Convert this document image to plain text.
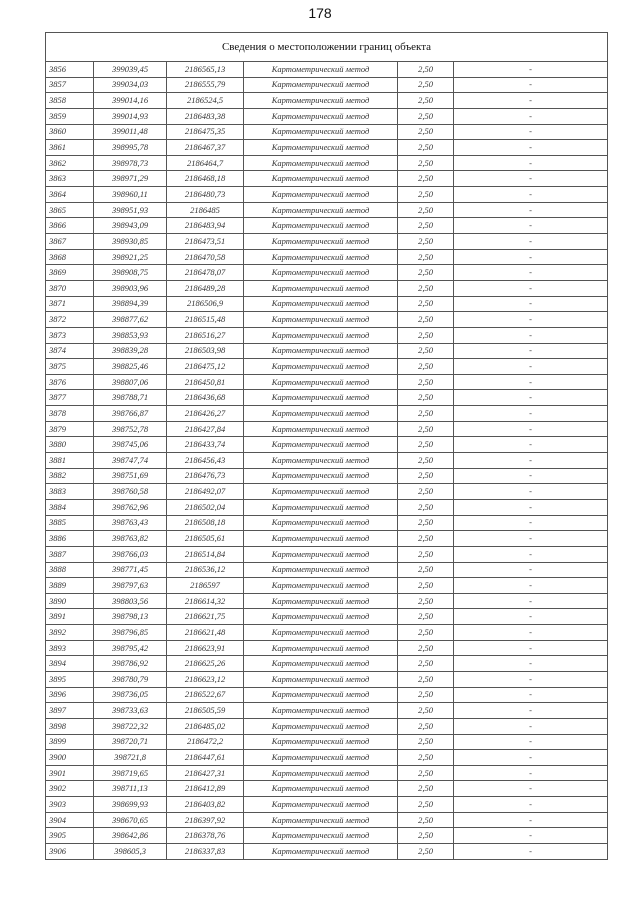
178
Сведения о местоположении границ объекта					
3856	399039,45	2186565,13	Картометрический метод	2,50	-
3857	399034,03	2186555,79	Картометрический метод	2,50	-
3858	399014,16	2186524,5	Картометрический метод	2,50	-
3859	399014,93	2186483,38	Картометрический метод	2,50	-
3860	399011,48	2186475,35	Картометрический метод	2,50	-
3861	398995,78	2186467,37	Картометрический метод	2,50	-
3862	398978,73	2186464,7	Картометрический метод	2,50	-
3863	398971,29	2186468,18	Картометрический метод	2,50	-
3864	398960,11	2186480,73	Картометрический метод	2,50	-
3865	398951,93	2186485	Картометрический метод	2,50	-
3866	398943,09	2186483,94	Картометрический метод	2,50	-
3867	398930,85	2186473,51	Картометрический метод	2,50	-
3868	398921,25	2186470,58	Картометрический метод	2,50	-
3869	398908,75	2186478,07	Картометрический метод	2,50	-
3870	398903,96	2186489,28	Картометрический метод	2,50	-
3871	398894,39	2186506,9	Картометрический метод	2,50	-
3872	398877,62	2186515,48	Картометрический метод	2,50	-
3873	398853,93	2186516,27	Картометрический метод	2,50	-
3874	398839,28	2186503,98	Картометрический метод	2,50	-
3875	398825,46	2186475,12	Картометрический метод	2,50	-
3876	398807,06	2186450,81	Картометрический метод	2,50	-
3877	398788,71	2186436,68	Картометрический метод	2,50	-
3878	398766,87	2186426,27	Картометрический метод	2,50	-
3879	398752,78	2186427,84	Картометрический метод	2,50	-
3880	398745,06	2186433,74	Картометрический метод	2,50	-
3881	398747,74	2186456,43	Картометрический метод	2,50	-
3882	398751,69	2186476,73	Картометрический метод	2,50	-
3883	398760,58	2186492,07	Картометрический метод	2,50	-
3884	398762,96	2186502,04	Картометрический метод	2,50	-
3885	398763,43	2186508,18	Картометрический метод	2,50	-
3886	398763,82	2186505,61	Картометрический метод	2,50	-
3887	398766,03	2186514,84	Картометрический метод	2,50	-
3888	398771,45	2186536,12	Картометрический метод	2,50	-
3889	398797,63	2186597	Картометрический метод	2,50	-
3890	398803,56	2186614,32	Картометрический метод	2,50	-
3891	398798,13	2186621,75	Картометрический метод	2,50	-
3892	398796,85	2186621,48	Картометрический метод	2,50	-
3893	398795,42	2186623,91	Картометрический метод	2,50	-
3894	398786,92	2186625,26	Картометрический метод	2,50	-
3895	398780,79	2186623,12	Картометрический метод	2,50	-
3896	398736,05	2186522,67	Картометрический метод	2,50	-
3897	398733,63	2186505,59	Картометрический метод	2,50	-
3898	398722,32	2186485,02	Картометрический метод	2,50	-
3899	398720,71	2186472,2	Картометрический метод	2,50	-
3900	398721,8	2186447,61	Картометрический метод	2,50	-
3901	398719,65	2186427,31	Картометрический метод	2,50	-
3902	398711,13	2186412,89	Картометрический метод	2,50	-
3903	398699,93	2186403,82	Картометрический метод	2,50	-
3904	398670,65	2186397,92	Картометрический метод	2,50	-
3905	398642,86	2186378,76	Картометрический метод	2,50	-
3906	398605,3	2186337,83	Картометрический метод	2,50	-
